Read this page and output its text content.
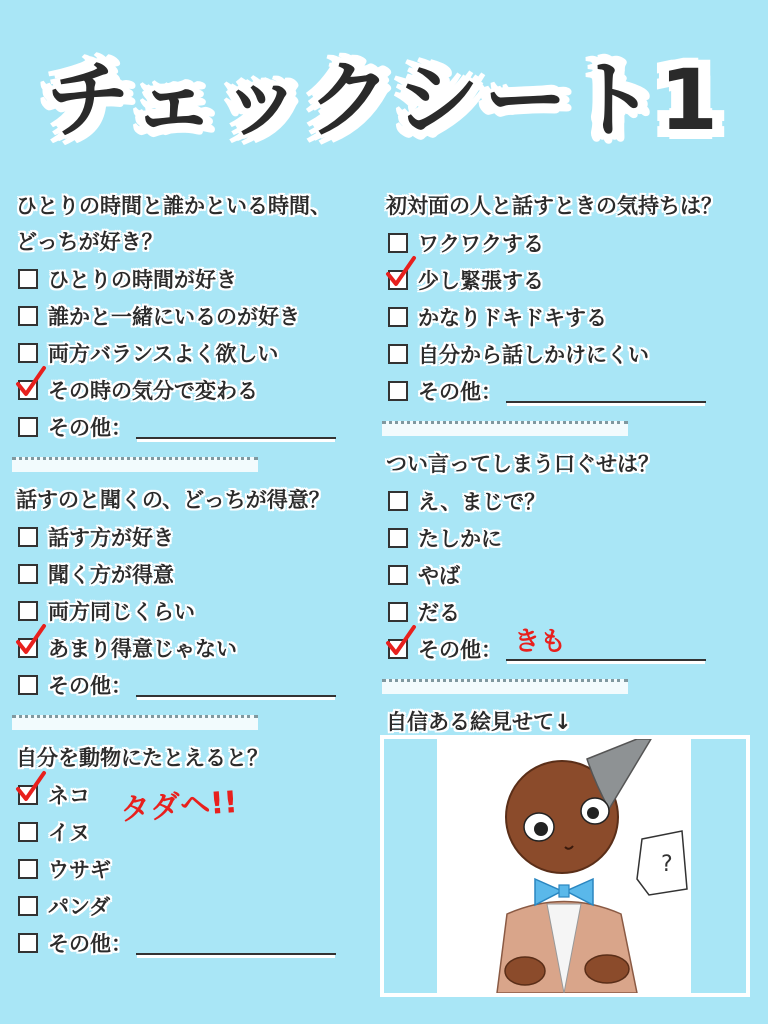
チェックシート1
ひとりの時間と誰かといる時間、
どっちが好き？
ひとりの時間が好き
誰かと一緒にいるのが好き
両方バランスよく欲しい
その時の気分で変わる
その他：
話すのと聞くの、どっちが得意？
話す方が好き
聞く方が得意
両方同じくらい
あまり得意じゃない
その他：
自分を動物にたとえると？
ネコ タダヘ!!
イヌ
ウサギ
パンダ
その他：
初対面の人と話すときの気持ちは？
ワクワクする
少し緊張する
かなりドキドキする
自分から話しかけにくい
その他：
つい言ってしまう口ぐせは？
え、まじで？
たしかに
やば
だる
その他： きも
自信ある絵見せて↓
?
